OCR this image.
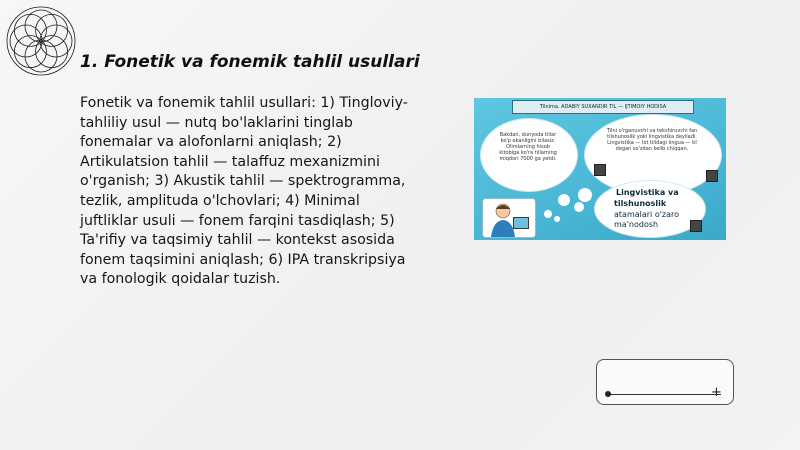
1. Fonetik va fonemik tahlil usullari
Fonetik va fonemik tahlil usullari: 1) Tingloviy-tahliliy usul — nutq bo'laklarini tinglab fonemalar va alofonlarni aniqlash; 2) Artikulatsion tahlil — talaffuz mexanizmini o'rganish; 3) Akustik tahlil — spektrogramma, tezlik, amplituda o'lchovlari; 4) Minimal juftliklar usuli — fonem farqini tasdiqlash; 5) Ta'rifiy va taqsimiy tahlil — kontekst asosida fonem taqsimini aniqlash; 6) IPA transkripsiya va fonologik qoidalar tuzish.
Tilnima. ADABIY SUXANDIR TIL — IJTIMOIY HODISA
Bakdan, dunyoda tillar ko'p ekanligini bilasiz. Olimlarning hisob kitobiga ko'ra tillarning miqdori 7000 ga yetdi.
Tilni o'rganuvchi va tekshiruvchi fan tilshunoslik yoki lingvistika deyiladi. Lingvistika — lot tilidagi lingua — til degan so'zdan kelib chiqqan.
Lingvistika va
tilshunoslik
atamalari o'zaro
ma'nodosh
+
